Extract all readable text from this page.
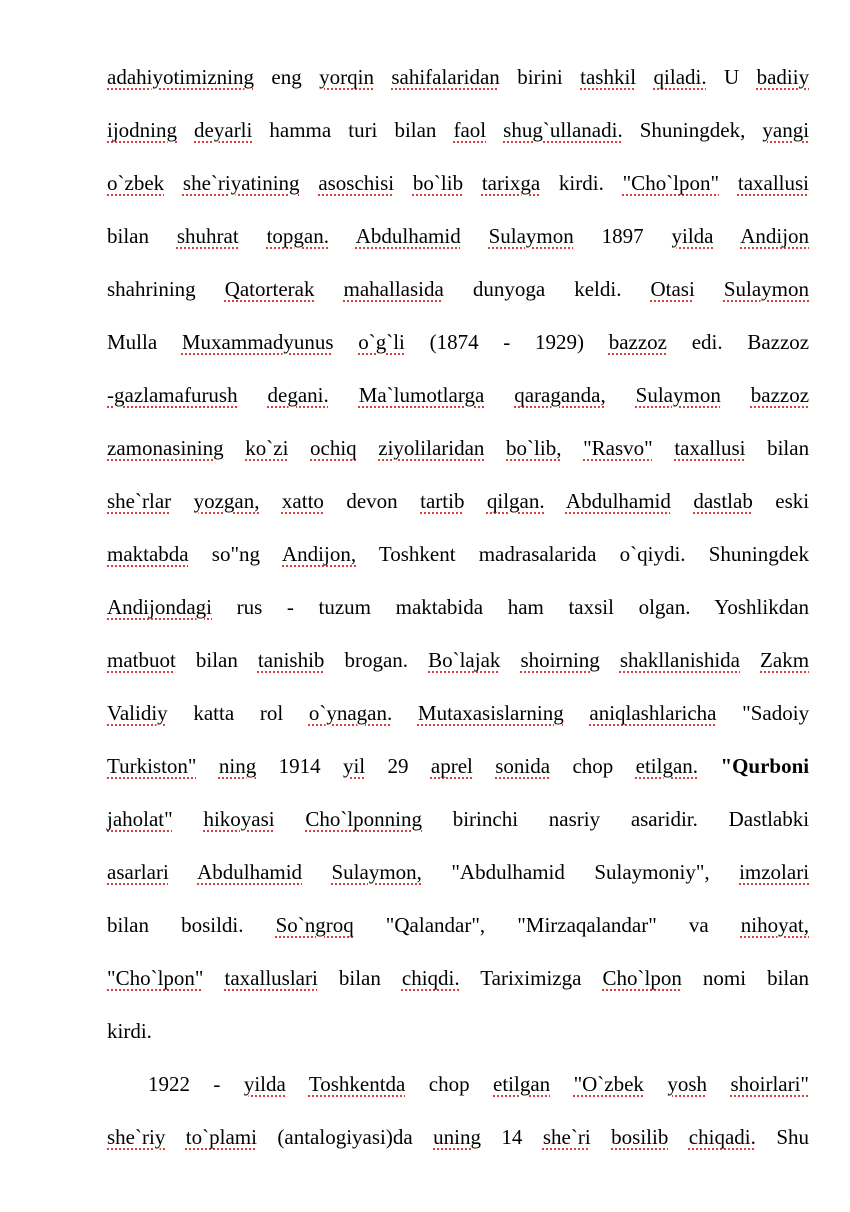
adahiyotimizning eng yorqin sahifalaridan birini tashkil qiladi. U badiiy
ijodning deyarli hamma turi bilan faol shug`ullanadi. Shuningdek, yangi
o`zbek she`riyatining asoschisi bo`lib tarixga kirdi. "Cho`lpon" taxallusi
bilan shuhrat topgan. Abdulhamid Sulaymon 1897 yilda Andijon
shahrining Qatorterak mahallasida dunyoga keldi. Otasi Sulaymon
Mulla Muxammadyunus o`g`li (1874 - 1929) bazzoz edi. Bazzoz
-gazlamafurush degani. Ma`lumotlarga qaraganda, Sulaymon bazzoz
zamonasining ko`zi ochiq ziyolilaridan bo`lib, "Rasvo" taxallusi bilan
she`rlar yozgan, xatto devon tartib qilgan. Abdulhamid dastlab eski
maktabda so"ng Andijon, Toshkent madrasalarida o`qiydi. Shuningdek
Andijondagi rus - tuzum maktabida ham taxsil olgan. Yoshlikdan
matbuot bilan tanishib brogan. Bo`lajak shoirning shakllanishida Zakm
Validiy katta rol o`ynagan. Mutaxasislarning aniqlashlaricha "Sadoiy
Turkiston" ning 1914 yil 29 aprel sonida chop etilgan. "Qurboni
jaholat" hikoyasi Cho`lponning birinchi nasriy asaridir. Dastlabki
asarlari Abdulhamid Sulaymon, "Abdulhamid Sulaymoniy", imzolari
bilan bosildi. So`ngroq "Qalandar", "Mirzaqalandar" va nihoyat,
"Cho`lpon" taxalluslari bilan chiqdi. Tariximizga Cho`lpon nomi bilan
kirdi.
1922 - yilda Toshkentda chop etilgan "O`zbek yosh shoirlari"
she`riy to`plami (antalogiyasi)da uning 14 she`ri bosilib chiqadi. Shu
